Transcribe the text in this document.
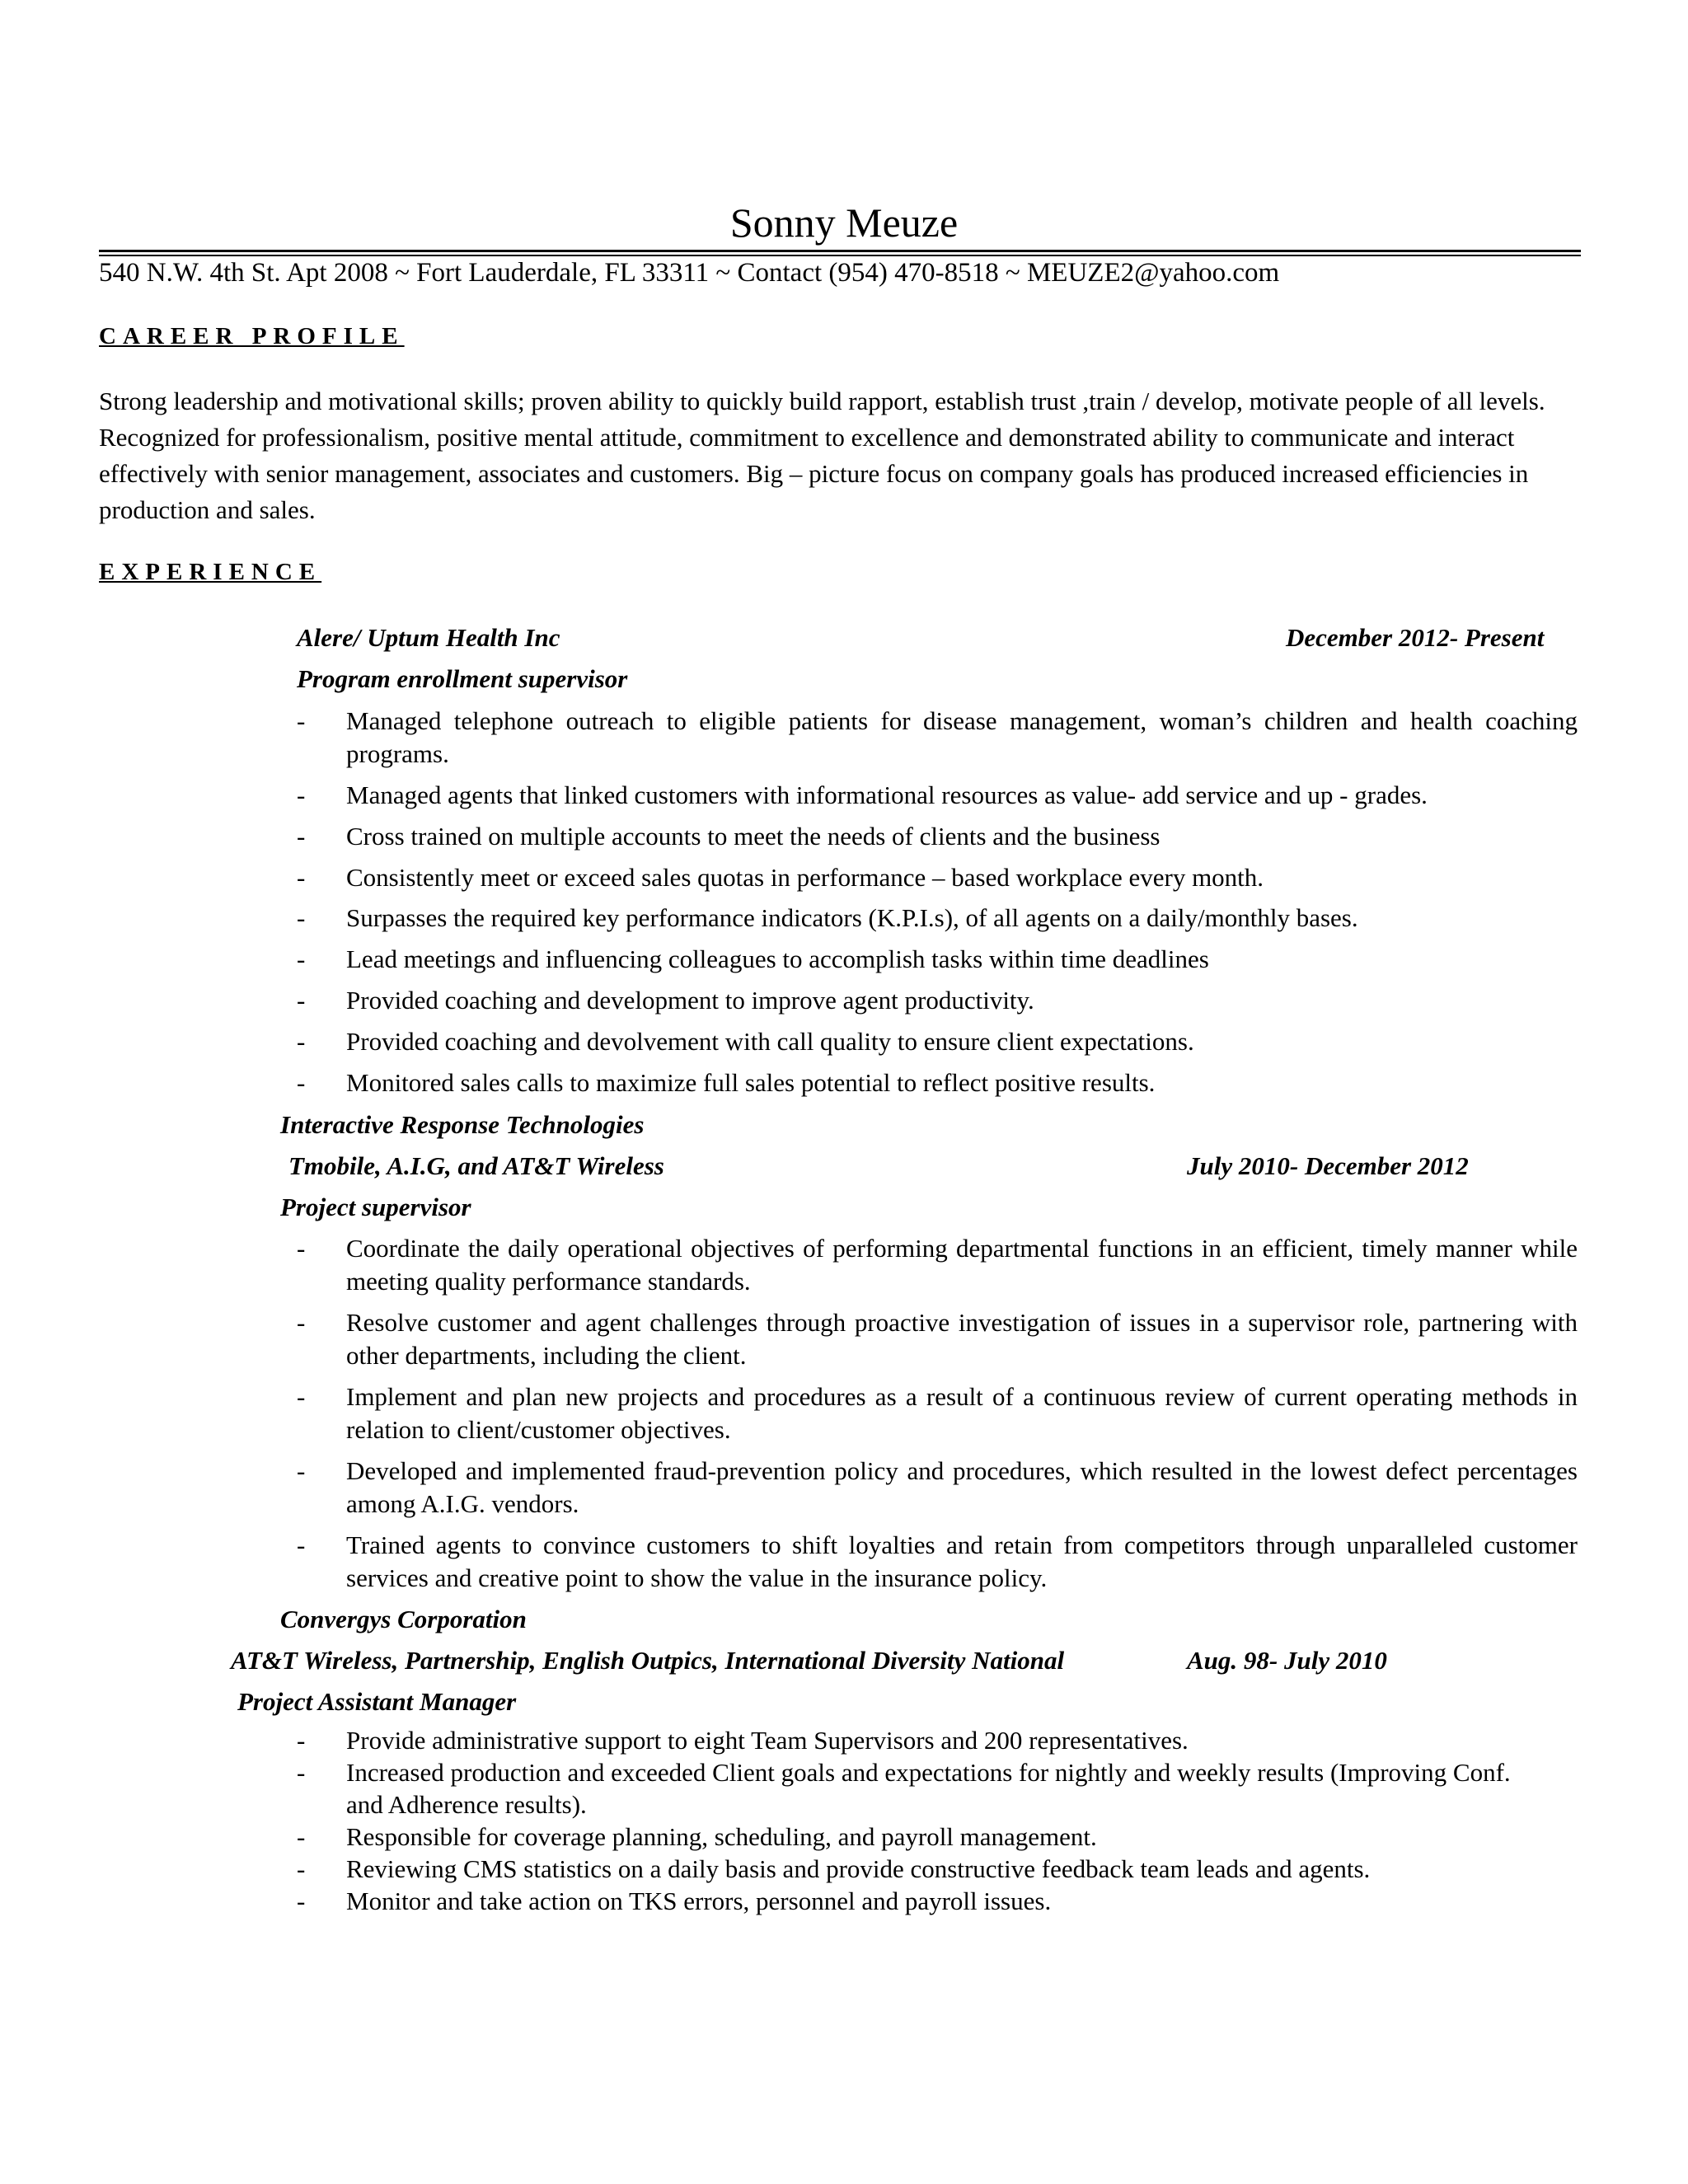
Sonny Meuze
540 N.W. 4th St. Apt 2008 ~ Fort Lauderdale, FL 33311 ~ Contact (954) 470-8518 ~ MEUZE2@yahoo.com
CAREER PROFILE
Strong leadership and motivational skills; proven ability to quickly build rapport, establish trust ,train / develop, motivate people of all levels. Recognized for professionalism, positive mental attitude, commitment to excellence and demonstrated ability to communicate and interact effectively with senior management, associates and customers. Big – picture focus on company goals has produced increased efficiencies in production and sales.
EXPERIENCE
Alere/ Uptum Health Inc	December 2012- Present
Program enrollment supervisor
- Managed telephone outreach to eligible patients for disease management, woman’s children and health coaching programs.
- Managed agents that linked customers with informational resources as value- add service and up - grades.
- Cross trained on multiple accounts to meet the needs of clients and the business
- Consistently meet or exceed sales quotas in performance – based workplace every month.
- Surpasses the required key performance indicators (K.P.I.s), of all agents on a daily/monthly bases.
- Lead meetings and influencing colleagues to accomplish tasks within time deadlines
- Provided coaching and development to improve agent productivity.
- Provided coaching and devolvement with call quality to ensure client expectations.
- Monitored sales calls to maximize full sales potential to reflect positive results.
Interactive Response Technologies
Tmobile, A.I.G, and AT&T Wireless	July 2010- December 2012
Project supervisor
- Coordinate the daily operational objectives of performing departmental functions in an efficient, timely manner while meeting quality performance standards.
- Resolve customer and agent challenges through proactive investigation of issues in a supervisor role, partnering with other departments, including the client.
- Implement and plan new projects and procedures as a result of a continuous review of current operating methods in relation to client/customer objectives.
- Developed and implemented fraud-prevention policy and procedures, which resulted in the lowest defect percentages among A.I.G. vendors.
- Trained agents to convince customers to shift loyalties and retain from competitors through unparalleled customer services and creative point to show the value in the insurance policy.
Convergys Corporation
AT&T Wireless, Partnership, English Outpics, International Diversity National	Aug. 98- July 2010
Project Assistant Manager
- Provide administrative support to eight Team Supervisors and 200 representatives.
- Increased production and exceeded Client goals and expectations for nightly and weekly results (Improving Conf. and Adherence results).
- Responsible for coverage planning, scheduling, and payroll management.
- Reviewing CMS statistics on a daily basis and provide constructive feedback team leads and agents.
- Monitor and take action on TKS errors, personnel and payroll issues.
